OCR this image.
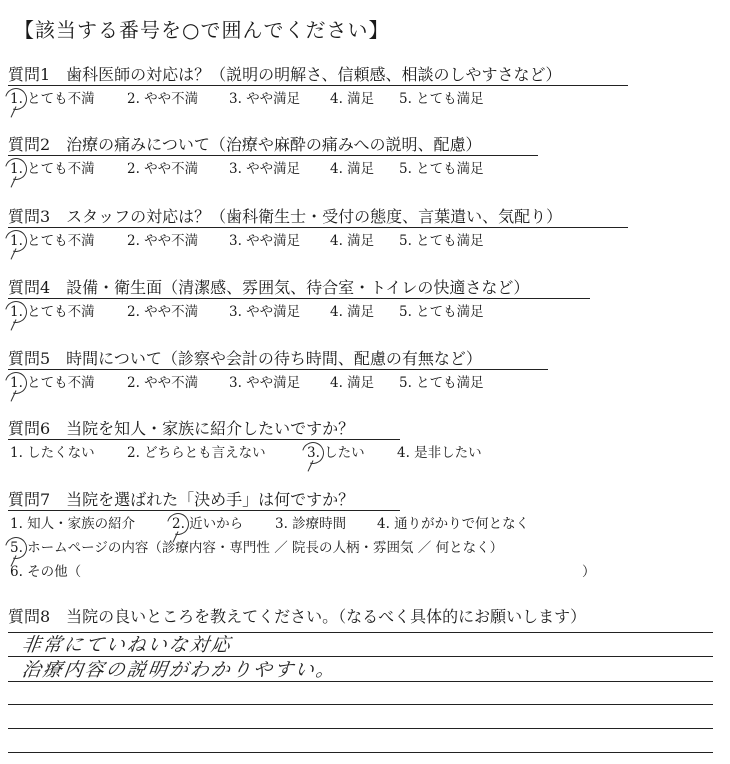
【該当する番号を○で囲んでください】
質問1　歯科医師の対応は？（説明の明解さ、信頼感、相談のしやすさなど）
1. とても不満 2. やや不満 3. やや満足 4. 満足 5. とても満足
質問2　治療の痛みについて（治療や麻酔の痛みへの説明、配慮）
1. とても不満 2. やや不満 3. やや満足 4. 満足 5. とても満足
質問3　スタッフの対応は？（歯科衛生士・受付の態度、言葉遣い、気配り）
1. とても不満 2. やや不満 3. やや満足 4. 満足 5. とても満足
質問4　設備・衛生面（清潔感、雰囲気、待合室・トイレの快適さなど）
1. とても不満 2. やや不満 3. やや満足 4. 満足 5. とても満足
質問5　時間について（診察や会計の待ち時間、配慮の有無など）
1. とても不満 2. やや不満 3. やや満足 4. 満足 5. とても満足
質問6　当院を知人・家族に紹介したいですか？
1. したくない 2. どちらとも言えない	3. したい 4. 是非したい
質問7　当院を選ばれた「決め手」は何ですか？
1. 知人・家族の紹介	2. 近いから 3. 診療時間 4. 通りがかりで何となく
5. ホームページの内容（診療内容・専門性 ／ 院長の人柄・雰囲気 ／ 何となく）
6. その他（	）
質問8　当院の良いところを教えてください。（なるべく具体的にお願いします）
非常にていねいな対応
治療内容の説明がわかりやすい。
